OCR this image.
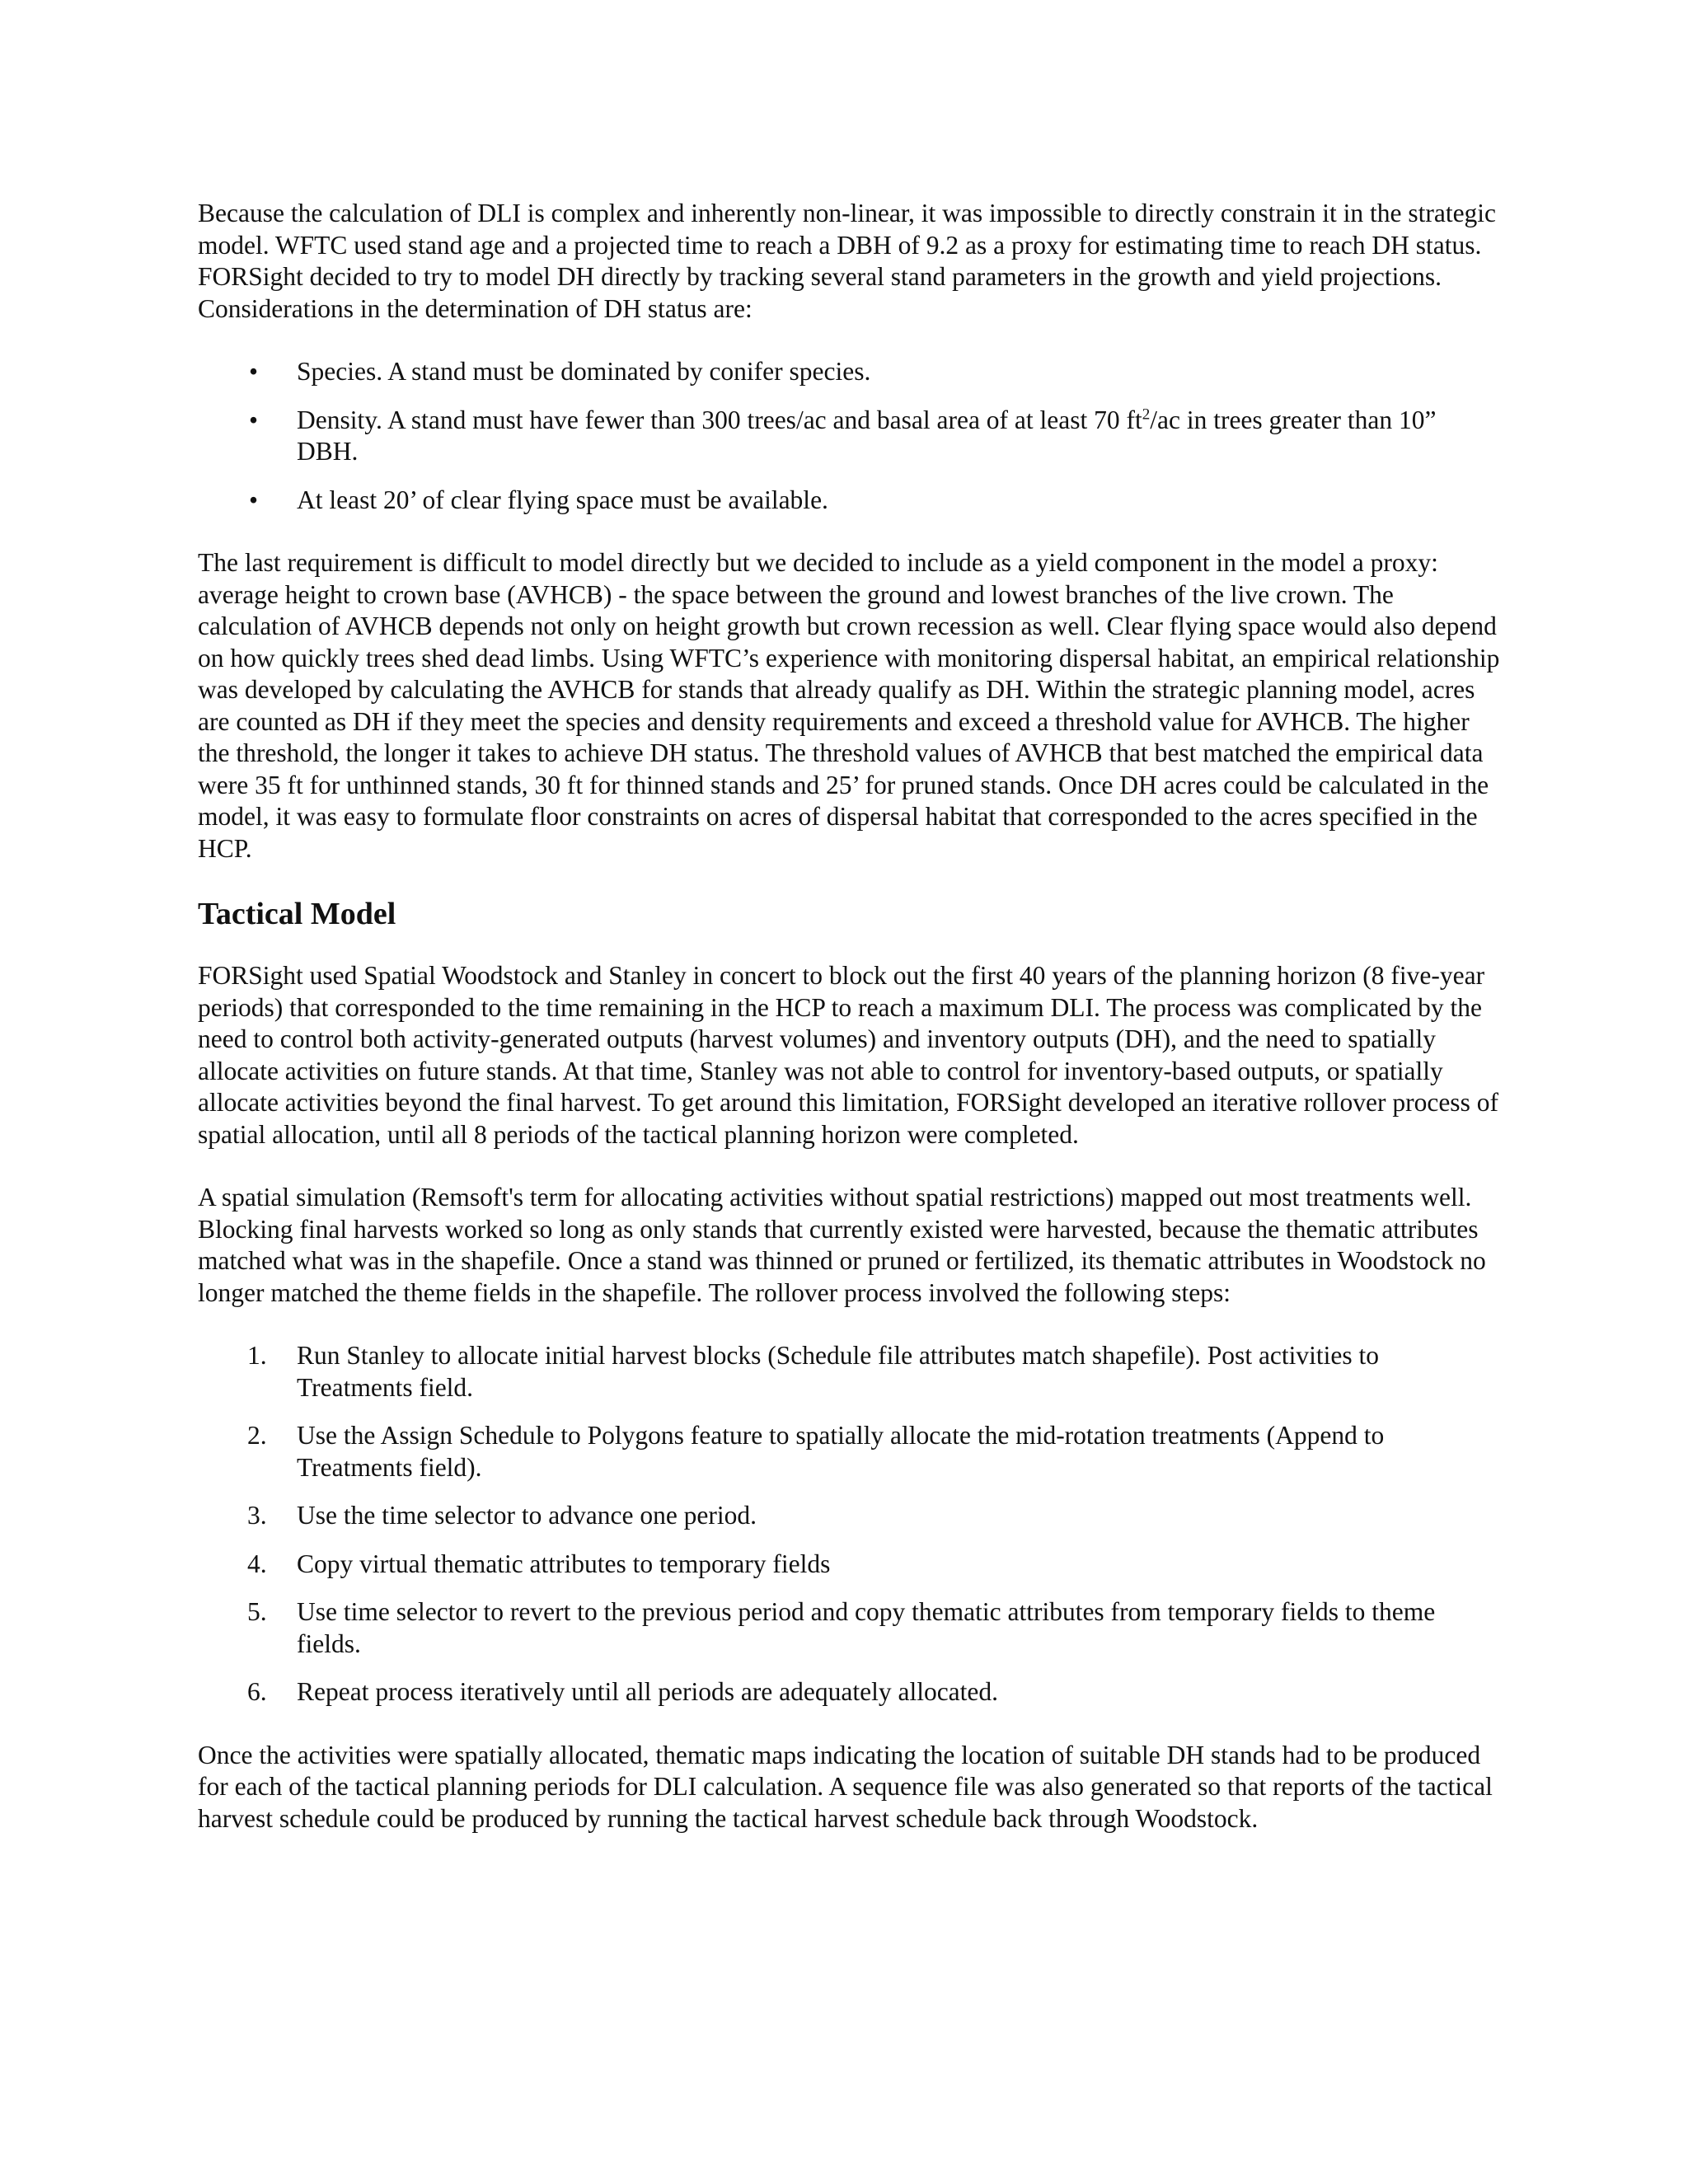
Because the calculation of DLI is complex and inherently non-linear, it was impossible to directly constrain it in the strategic model. WFTC used stand age and a projected time to reach a DBH of 9.2 as a proxy for estimating time to reach DH status. FORSight decided to try to model DH directly by tracking several stand parameters in the growth and yield projections. Considerations in the determination of DH status are:

• Species. A stand must be dominated by conifer species.
• Density. A stand must have fewer than 300 trees/ac and basal area of at least 70 $ft^2/ac$ in trees greater than 10” DBH.
• At least 20’ of clear flying space must be available.

The last requirement is difficult to model directly but we decided to include as a yield component in the model a proxy: average height to crown base (AVHCB) - the space between the ground and lowest branches of the live crown. The calculation of AVHCB depends not only on height growth but crown recession as well. Clear flying space would also depend on how quickly trees shed dead limbs. Using WFTC’s experience with monitoring dispersal habitat, an empirical relationship was developed by calculating the AVHCB for stands that already qualify as DH. Within the strategic planning model, acres are counted as DH if they meet the species and density requirements and exceed a threshold value for AVHCB. The higher the threshold, the longer it takes to achieve DH status. The threshold values of AVHCB that best matched the empirical data were 35 ft for unthinned stands, 30 ft for thinned stands and 25’ for pruned stands. Once DH acres could be calculated in the model, it was easy to formulate floor constraints on acres of dispersal habitat that corresponded to the acres specified in the HCP.

Tactical Model

FORSight used Spatial Woodstock and Stanley in concert to block out the first 40 years of the planning horizon (8 five-year periods) that corresponded to the time remaining in the HCP to reach a maximum DLI. The process was complicated by the need to control both activity-generated outputs (harvest volumes) and inventory outputs (DH), and the need to spatially allocate activities on future stands. At that time, Stanley was not able to control for inventory-based outputs, or spatially allocate activities beyond the final harvest. To get around this limitation, FORSight developed an iterative rollover process of spatial allocation, until all 8 periods of the tactical planning horizon were completed.

A spatial simulation (Remsoft's term for allocating activities without spatial restrictions) mapped out most treatments well. Blocking final harvests worked so long as only stands that currently existed were harvested, because the thematic attributes matched what was in the shapefile. Once a stand was thinned or pruned or fertilized, its thematic attributes in Woodstock no longer matched the theme fields in the shapefile. The rollover process involved the following steps:

1. Run Stanley to allocate initial harvest blocks (Schedule file attributes match shapefile). Post activities to Treatments field.
2. Use the Assign Schedule to Polygons feature to spatially allocate the mid-rotation treatments (Append to Treatments field).
3. Use the time selector to advance one period.
4. Copy virtual thematic attributes to temporary fields
5. Use time selector to revert to the previous period and copy thematic attributes from temporary fields to theme fields.
6. Repeat process iteratively until all periods are adequately allocated.

Once the activities were spatially allocated, thematic maps indicating the location of suitable DH stands had to be produced for each of the tactical planning periods for DLI calculation. A sequence file was also generated so that reports of the tactical harvest schedule could be produced by running the tactical harvest schedule back through Woodstock.
